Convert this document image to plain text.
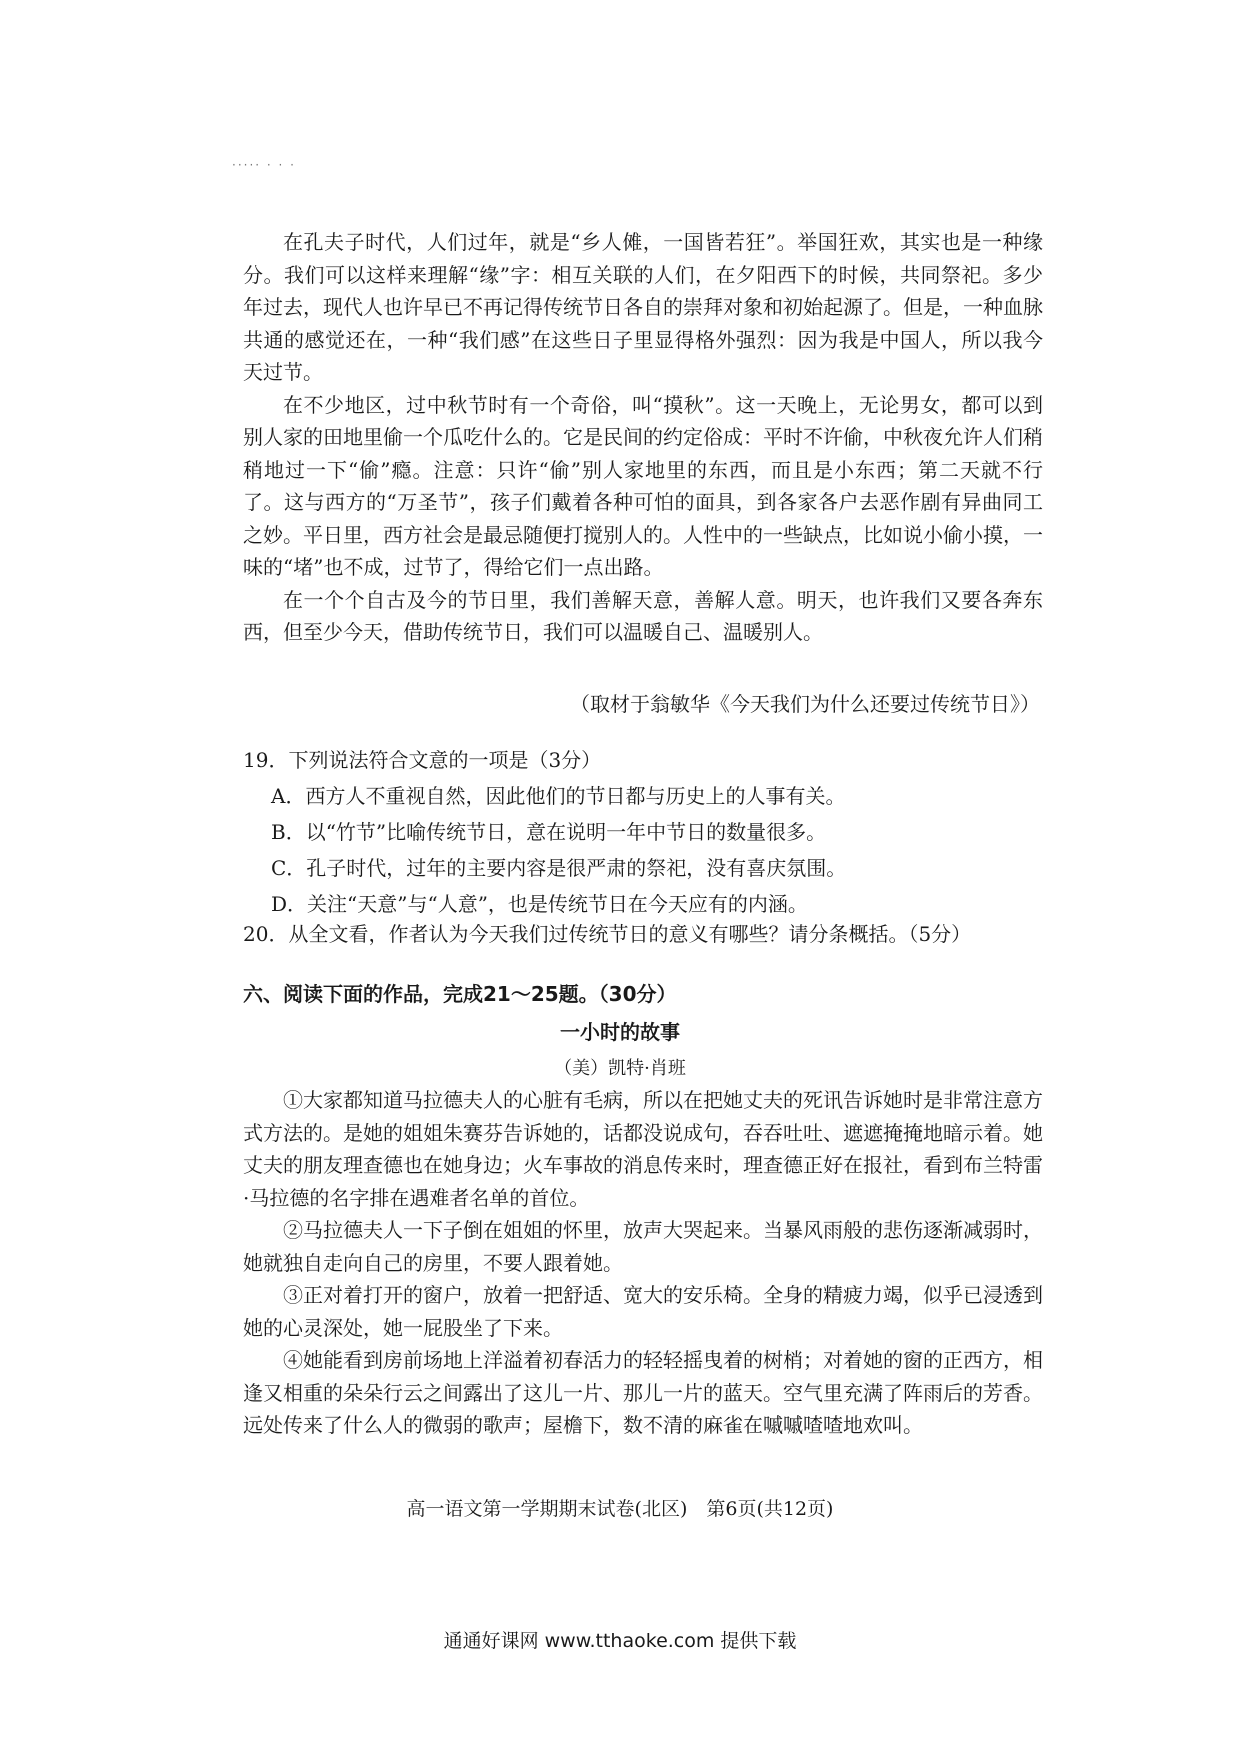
····· · · ·

在孔夫子时代，人们过年，就是“乡人傩，一国皆若狂”。举国狂欢，其实也是一种缘分。我们可以这样来理解“缘”字：相互关联的人们，在夕阳西下的时候，共同祭祀。多少年过去，现代人也许早已不再记得传统节日各自的崇拜对象和初始起源了。但是，一种血脉共通的感觉还在，一种“我们感”在这些日子里显得格外强烈：因为我是中国人，所以我今天过节。

在不少地区，过中秋节时有一个奇俗，叫“摸秋”。这一天晚上，无论男女，都可以到别人家的田地里偷一个瓜吃什么的。它是民间的约定俗成：平时不许偷，中秋夜允许人们稍稍地过一下“偷”瘾。注意：只许“偷”别人家地里的东西，而且是小东西；第二天就不行了。这与西方的“万圣节”，孩子们戴着各种可怕的面具，到各家各户去恶作剧有异曲同工之妙。平日里，西方社会是最忌随便打搅别人的。人性中的一些缺点，比如说小偷小摸，一味的“堵”也不成，过节了，得给它们一点出路。

在一个个自古及今的节日里，我们善解天意，善解人意。明天，也许我们又要各奔东西，但至少今天，借助传统节日，我们可以温暖自己、温暖别人。

（取材于翁敏华《今天我们为什么还要过传统节日》）

19．下列说法符合文意的一项是（3分）

A．西方人不重视自然，因此他们的节日都与历史上的人事有关。

B．以“竹节”比喻传统节日，意在说明一年中节日的数量很多。

C．孔子时代，过年的主要内容是很严肃的祭祀，没有喜庆氛围。

D．关注“天意”与“人意”，也是传统节日在今天应有的内涵。

20．从全文看，作者认为今天我们过传统节日的意义有哪些？请分条概括。（5分）

六、阅读下面的作品，完成21～25题。（30分）
一小时的故事
（美）凯特·肖班

①大家都知道马拉德夫人的心脏有毛病，所以在把她丈夫的死讯告诉她时是非常注意方式方法的。是她的姐姐朱赛芬告诉她的，话都没说成句，吞吞吐吐、遮遮掩掩地暗示着。她丈夫的朋友理查德也在她身边；火车事故的消息传来时，理查德正好在报社，看到布兰特雷·马拉德的名字排在遇难者名单的首位。

②马拉德夫人一下子倒在姐姐的怀里，放声大哭起来。当暴风雨般的悲伤逐渐减弱时，她就独自走向自己的房里，不要人跟着她。

③正对着打开的窗户，放着一把舒适、宽大的安乐椅。全身的精疲力竭，似乎已浸透到她的心灵深处，她一屁股坐了下来。

④她能看到房前场地上洋溢着初春活力的轻轻摇曳着的树梢；对着她的窗的正西方，相逢又相重的朵朵行云之间露出了这儿一片、那儿一片的蓝天。空气里充满了阵雨后的芳香。远处传来了什么人的微弱的歌声；屋檐下，数不清的麻雀在嘁嘁喳喳地欢叫。

高一语文第一学期期末试卷(北区)　第6页(共12页)
通通好课网 www.tthaoke.com 提供下载
